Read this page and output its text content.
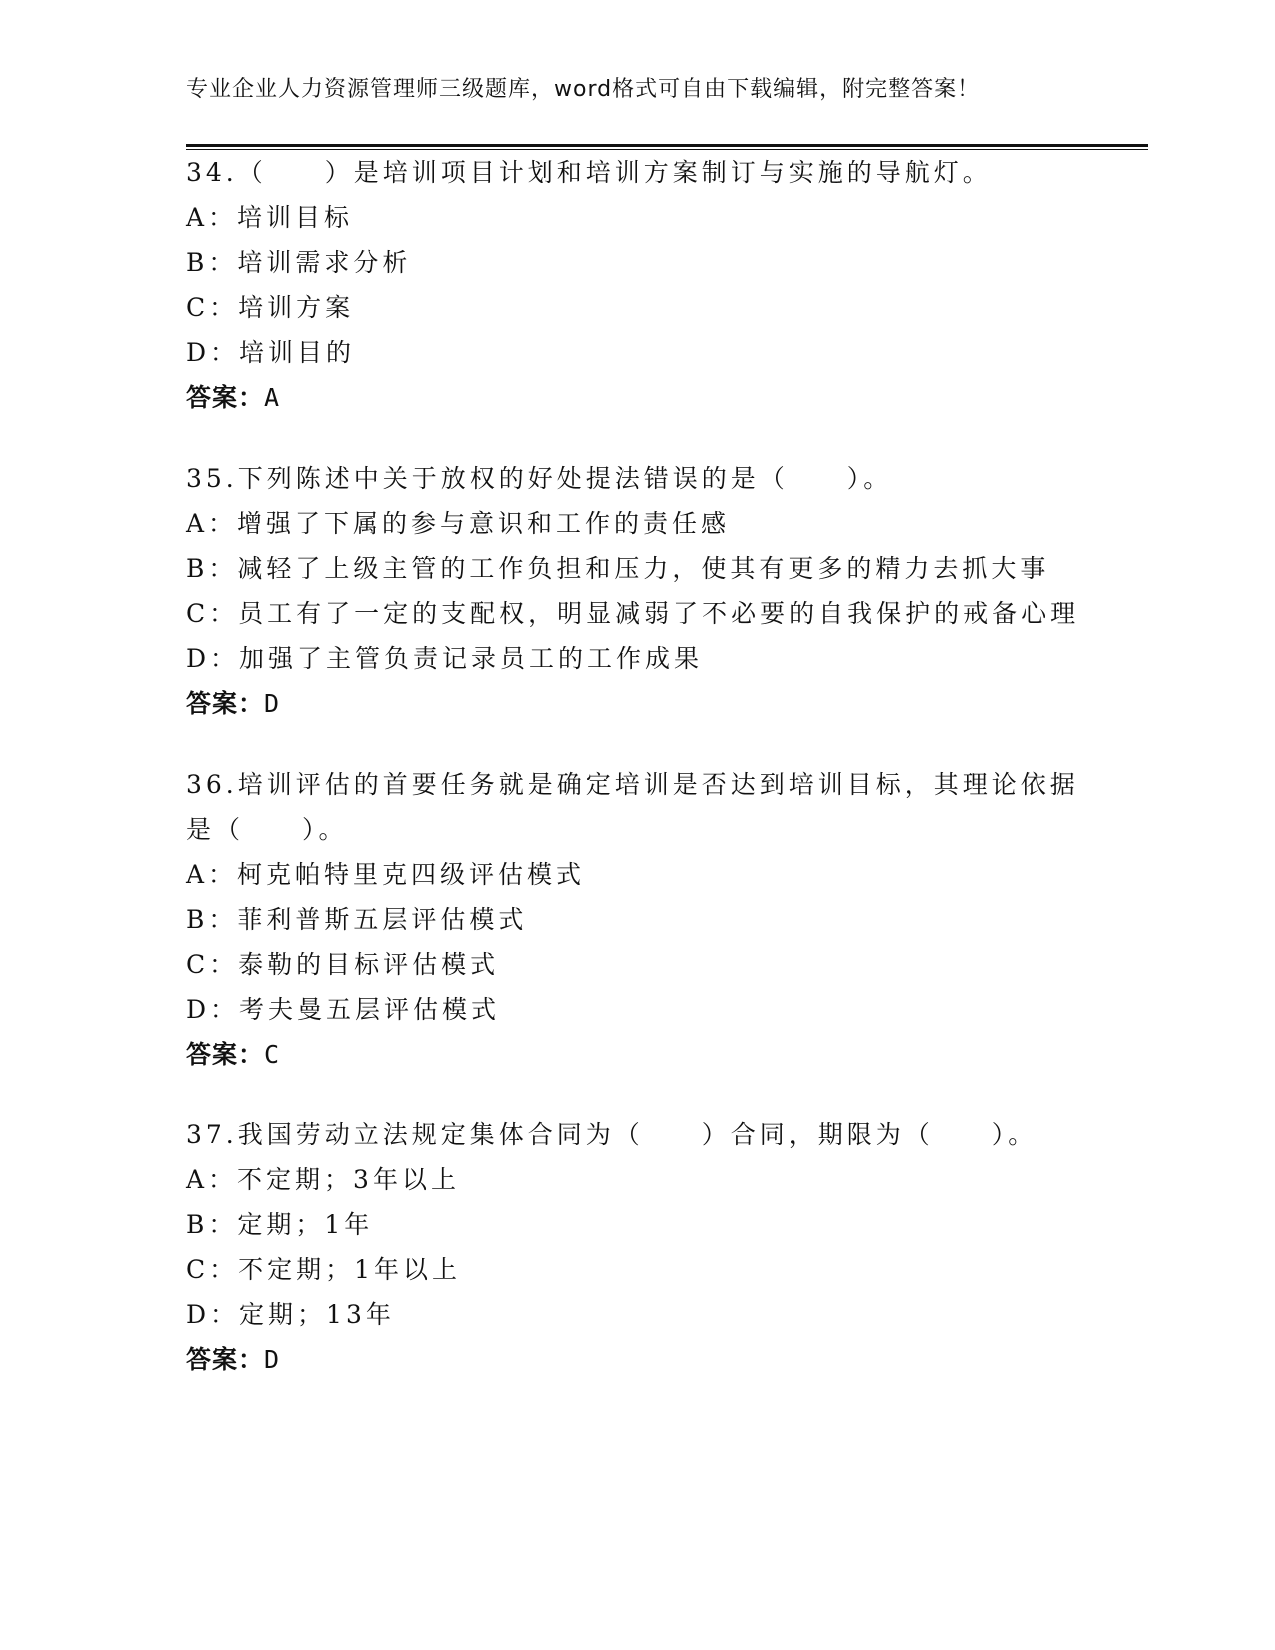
专业企业人力资源管理师三级题库，word格式可自由下载编辑，附完整答案！
34.（　　）是培训项目计划和培训方案制订与实施的导航灯。
A：培训目标
B：培训需求分析
C：培训方案
D：培训目的
答案：A
35.下列陈述中关于放权的好处提法错误的是（　　）。
A：增强了下属的参与意识和工作的责任感
B：减轻了上级主管的工作负担和压力，使其有更多的精力去抓大事
C：员工有了一定的支配权，明显减弱了不必要的自我保护的戒备心理
D：加强了主管负责记录员工的工作成果
答案：D
36.培训评估的首要任务就是确定培训是否达到培训目标，其理论依据
是（　　）。
A：柯克帕特里克四级评估模式
B：菲利普斯五层评估模式
C：泰勒的目标评估模式
D：考夫曼五层评估模式
答案：C
37.我国劳动立法规定集体合同为（　　）合同，期限为（　　）。
A：不定期；3年以上
B：定期；1年
C：不定期；1年以上
D：定期；13年
答案：D
